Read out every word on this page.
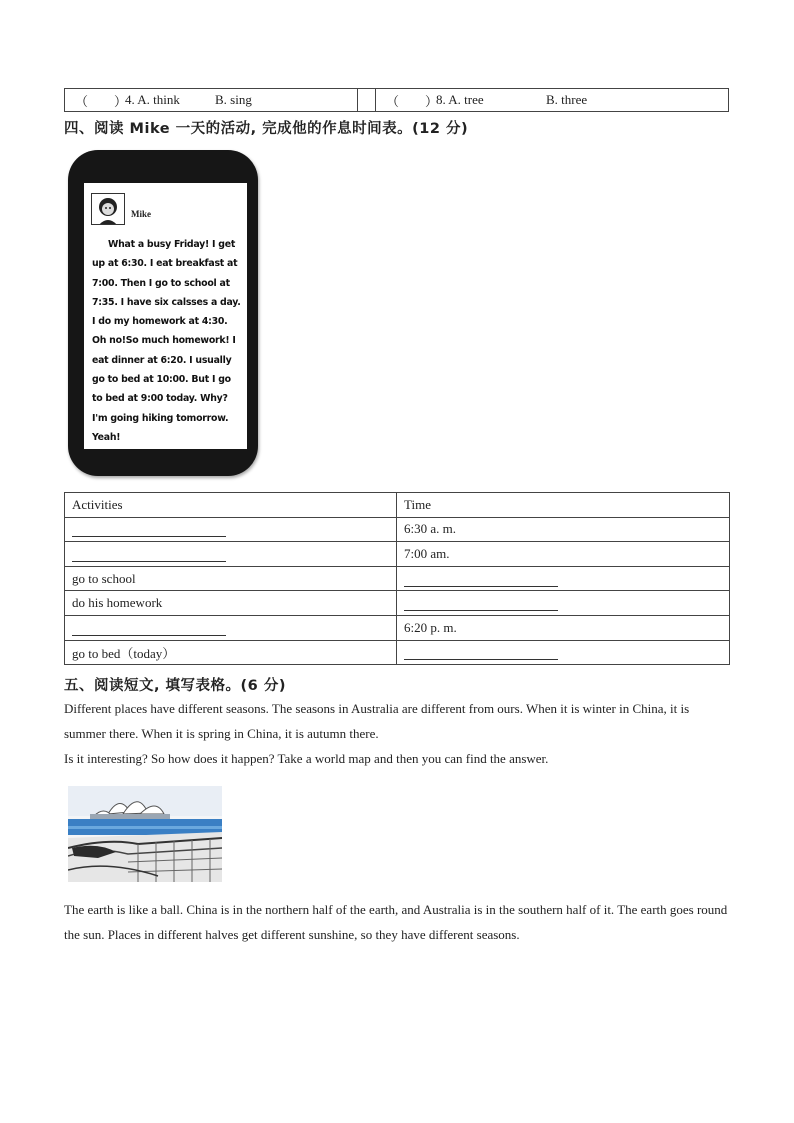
（　　）
4. A. think	B. sing	（　　）
8. A. tree	B. three
四、阅读 Mike 一天的活动, 完成他的作息时间表。(12 分)
Mike
What a busy Friday! I get up at 6:30. I eat breakfast at 7:00. Then I go to school at 7:35. I have six calsses a day. I do my homework at 4:30. Oh no!So much homework! I eat dinner at 6:20. I usually go to bed at 10:00. But I go to bed at 9:00 today. Why? I'm going hiking tomorrow. Yeah!
Activities	Time
	6:30 a. m.
	7:00 am.
go to school	
do his homework	
	6:20 p. m.
go to bed（today）	
五、阅读短文, 填写表格。(6 分)
Different places have different seasons. The seasons in Australia are different from ours. When it is winter in China, it is summer there. When it is spring in China, it is autumn there.
Is it interesting? So how does it happen? Take a world map and then you can find the answer.
The earth is like a ball. China is in the northern half of the earth, and Australia is in the southern half of it. The earth goes round the sun. Places in different halves get different sunshine, so they have different seasons.
